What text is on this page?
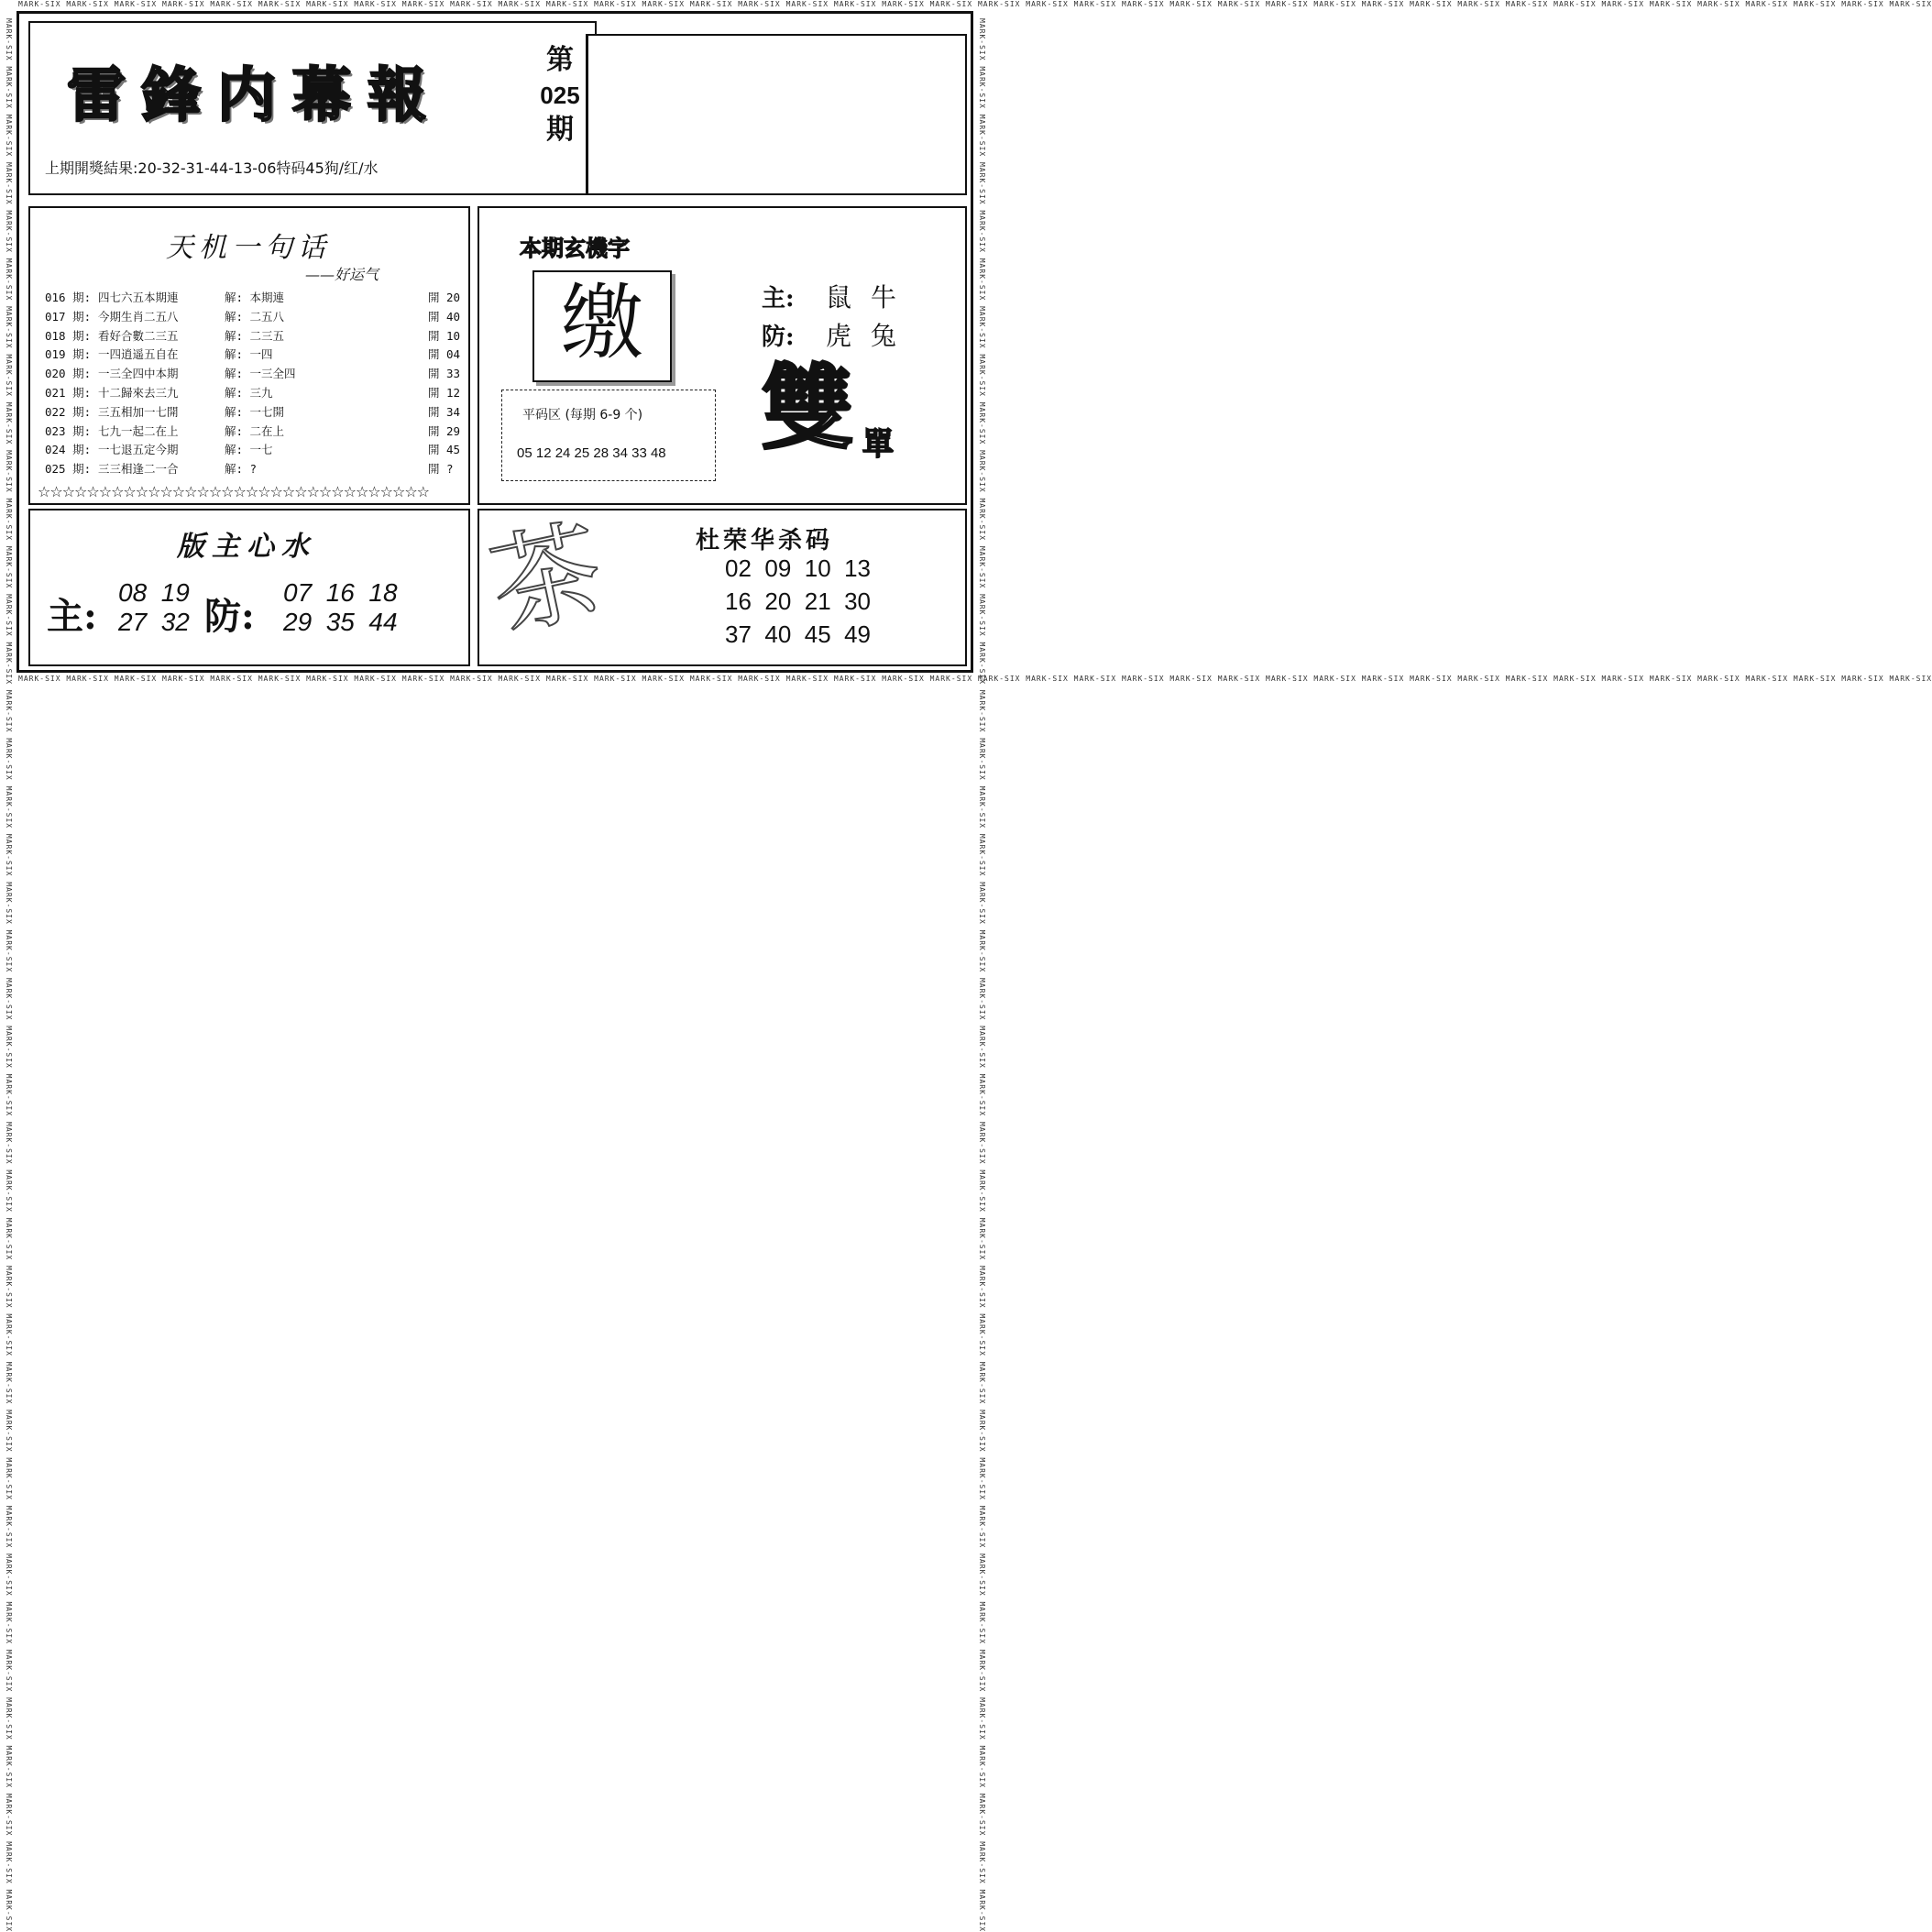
MARK-SIX MARK-SIX MARK-SIX MARK-SIX MARK-SIX MARK-SIX MARK-SIX MARK-SIX MARK-SIX MARK-SIX MARK-SIX MARK-SIX MARK-SIX MARK-SIX MARK-SIX MARK-SIX MARK-SIX MARK-SIX MARK-SIX MARK-SIX MARK-SIX MARK-SIX MARK-SIX MARK-SIX MARK-SIX MARK-SIX MARK-SIX MARK-SIX MARK-SIX MARK-SIX MARK-SIX MARK-SIX MARK-SIX MARK-SIX MARK-SIX MARK-SIX MARK-SIX MARK-SIX MARK-SIX MARK-SIX
MARK-SIX MARK-SIX MARK-SIX MARK-SIX MARK-SIX MARK-SIX MARK-SIX MARK-SIX MARK-SIX MARK-SIX MARK-SIX MARK-SIX MARK-SIX MARK-SIX MARK-SIX MARK-SIX MARK-SIX MARK-SIX MARK-SIX MARK-SIX MARK-SIX MARK-SIX MARK-SIX MARK-SIX MARK-SIX MARK-SIX MARK-SIX MARK-SIX MARK-SIX MARK-SIX MARK-SIX MARK-SIX MARK-SIX MARK-SIX MARK-SIX MARK-SIX MARK-SIX MARK-SIX MARK-SIX MARK-SIX
MARK-SIX MARK-SIX MARK-SIX MARK-SIX MARK-SIX MARK-SIX MARK-SIX MARK-SIX MARK-SIX MARK-SIX MARK-SIX MARK-SIX MARK-SIX MARK-SIX MARK-SIX MARK-SIX MARK-SIX MARK-SIX MARK-SIX MARK-SIX MARK-SIX MARK-SIX MARK-SIX MARK-SIX MARK-SIX MARK-SIX MARK-SIX MARK-SIX MARK-SIX MARK-SIX MARK-SIX MARK-SIX MARK-SIX MARK-SIX MARK-SIX MARK-SIX MARK-SIX MARK-SIX MARK-SIX MARK-SIX	MARK-SIX MARK-SIX MARK-SIX MARK-SIX MARK-SIX MARK-SIX MARK-SIX MARK-SIX MARK-SIX MARK-SIX MARK-SIX MARK-SIX MARK-SIX MARK-SIX MARK-SIX MARK-SIX MARK-SIX MARK-SIX MARK-SIX MARK-SIX MARK-SIX MARK-SIX MARK-SIX MARK-SIX MARK-SIX MARK-SIX MARK-SIX MARK-SIX MARK-SIX MARK-SIX MARK-SIX MARK-SIX MARK-SIX MARK-SIX MARK-SIX MARK-SIX MARK-SIX MARK-SIX MARK-SIX MARK-SIX
雷鋒内幕報
第
025
期
上期開獎結果:20-32-31-44-13-06特码45狗/红/水
天机一句话
——好运气
016 期: 四七六五本期連	解: 本期連	開 20
017 期: 今期生肖二五八	解: 二五八	開 40
018 期: 看好合數二三五	解: 二三五	開 10
019 期: 一四逍遥五自在	解: 一四	開 04
020 期: 一三全四中本期	解: 一三全四	開 33
021 期: 十二歸來去三九	解: 三九	開 12
022 期: 三五相加一七開	解: 一七開	開 34
023 期: 七九一起二在上	解: 二在上	開 29
024 期: 一七退五定今期	解: 一七	開 45
025 期: 三三相逢二一合	解: ?	開 ?
☆☆☆☆☆☆☆☆☆☆☆☆☆☆☆☆☆☆☆☆☆☆☆☆☆☆☆☆☆☆☆☆
本期玄機字
缴
平码区 (每期 6-9 个)
05 12 24 25 28 34 33 48
主: 鼠 牛
防: 虎 兔
雙 單
版主心水
主:
08  19
27  32 防:
07  16  18
29  35  44 茶	杜荣华杀码
02  09  10  13
16  20  21  30
37  40  45  49
